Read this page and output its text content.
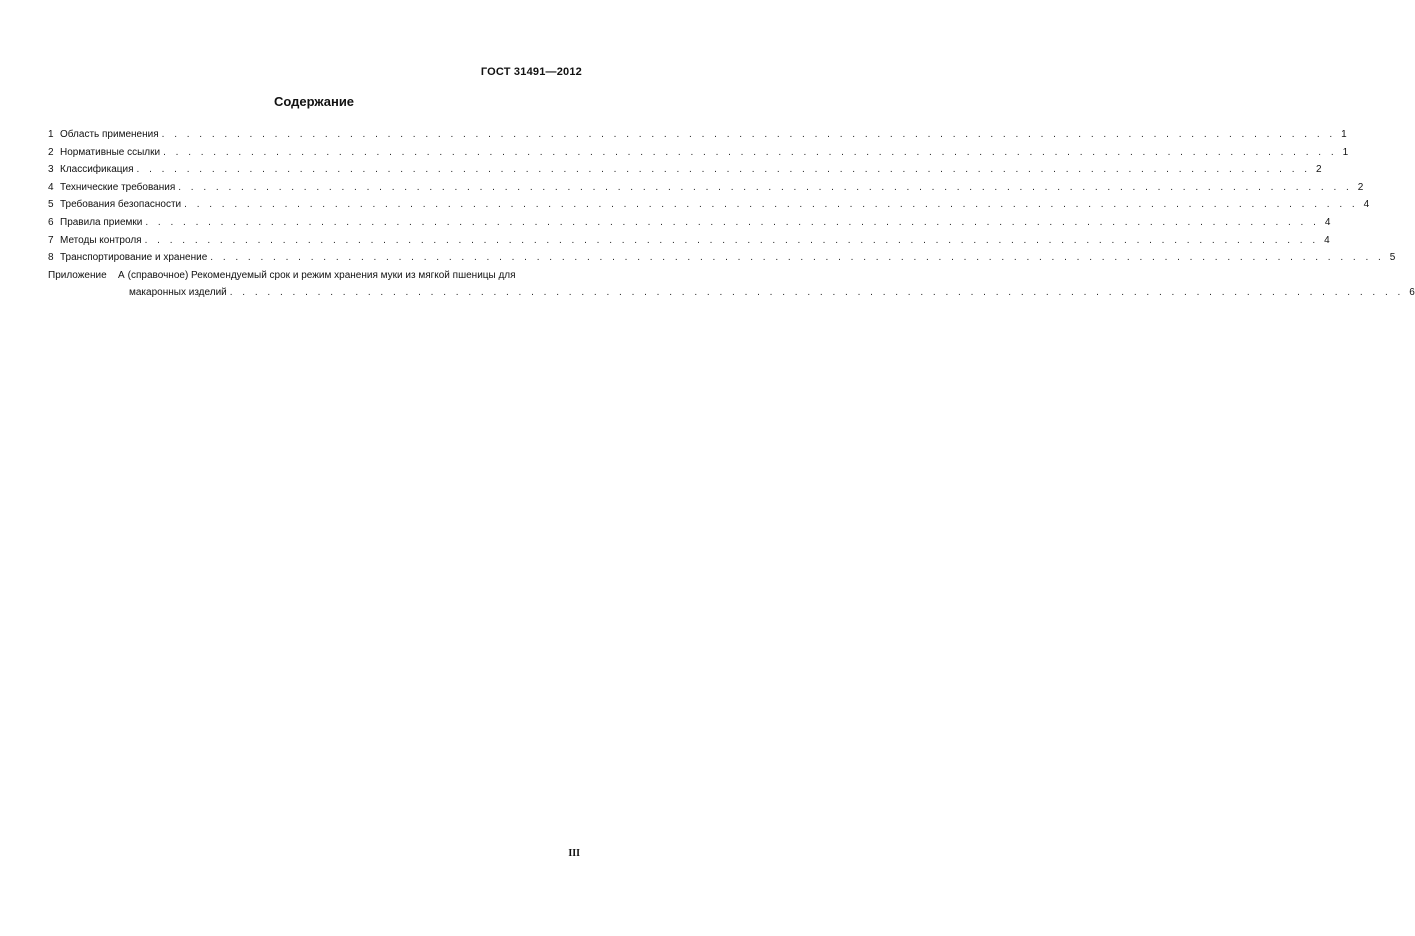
ГОСТ 31491—2012
Содержание
1 Область применения . . . . . . . . . . . . . . . . . . . . . . . . . . . . . . . . . . . . . . . . . . . . . . . . . . . . . . . . . . . . . . . . . . . . . . . . . . . . . . . . . . . . . . . . . . . . . . 1
2 Нормативные ссылки . . . . . . . . . . . . . . . . . . . . . . . . . . . . . . . . . . . . . . . . . . . . . . . . . . . . . . . . . . . . . . . . . . . . . . . . . . . . . . . . . . . . . . . . . . . . . . 1
3 Классификация . . . . . . . . . . . . . . . . . . . . . . . . . . . . . . . . . . . . . . . . . . . . . . . . . . . . . . . . . . . . . . . . . . . . . . . . . . . . . . . . . . . . . . . . . . . . . . 2
4 Технические требования . . . . . . . . . . . . . . . . . . . . . . . . . . . . . . . . . . . . . . . . . . . . . . . . . . . . . . . . . . . . . . . . . . . . . . . . . . . . . . . . . . . . . . . . . . . . . . 2
5 Требования безопасности . . . . . . . . . . . . . . . . . . . . . . . . . . . . . . . . . . . . . . . . . . . . . . . . . . . . . . . . . . . . . . . . . . . . . . . . . . . . . . . . . . . . . . . . . . . . . . 4
6 Правила приемки . . . . . . . . . . . . . . . . . . . . . . . . . . . . . . . . . . . . . . . . . . . . . . . . . . . . . . . . . . . . . . . . . . . . . . . . . . . . . . . . . . . . . . . . . . . . . . 4
7 Методы контроля . . . . . . . . . . . . . . . . . . . . . . . . . . . . . . . . . . . . . . . . . . . . . . . . . . . . . . . . . . . . . . . . . . . . . . . . . . . . . . . . . . . . . . . . . . . . . . 4
8 Транспортирование и хранение . . . . . . . . . . . . . . . . . . . . . . . . . . . . . . . . . . . . . . . . . . . . . . . . . . . . . . . . . . . . . . . . . . . . . . . . . . . . . . . . . . . . . . . . . . . . . . 5
Приложение	А (справочное) Рекомендуемый срок и режим хранения муки из мягкой пшеницы для
макаронных изделий . . . . . . . . . . . . . . . . . . . . . . . . . . . . . . . . . . . . . . . . . . . . . . . . . . . . . . . . . . . . . . . . . . . . . . . . . . . . . . . . . . . . . . . . . . . . . . 6
III
